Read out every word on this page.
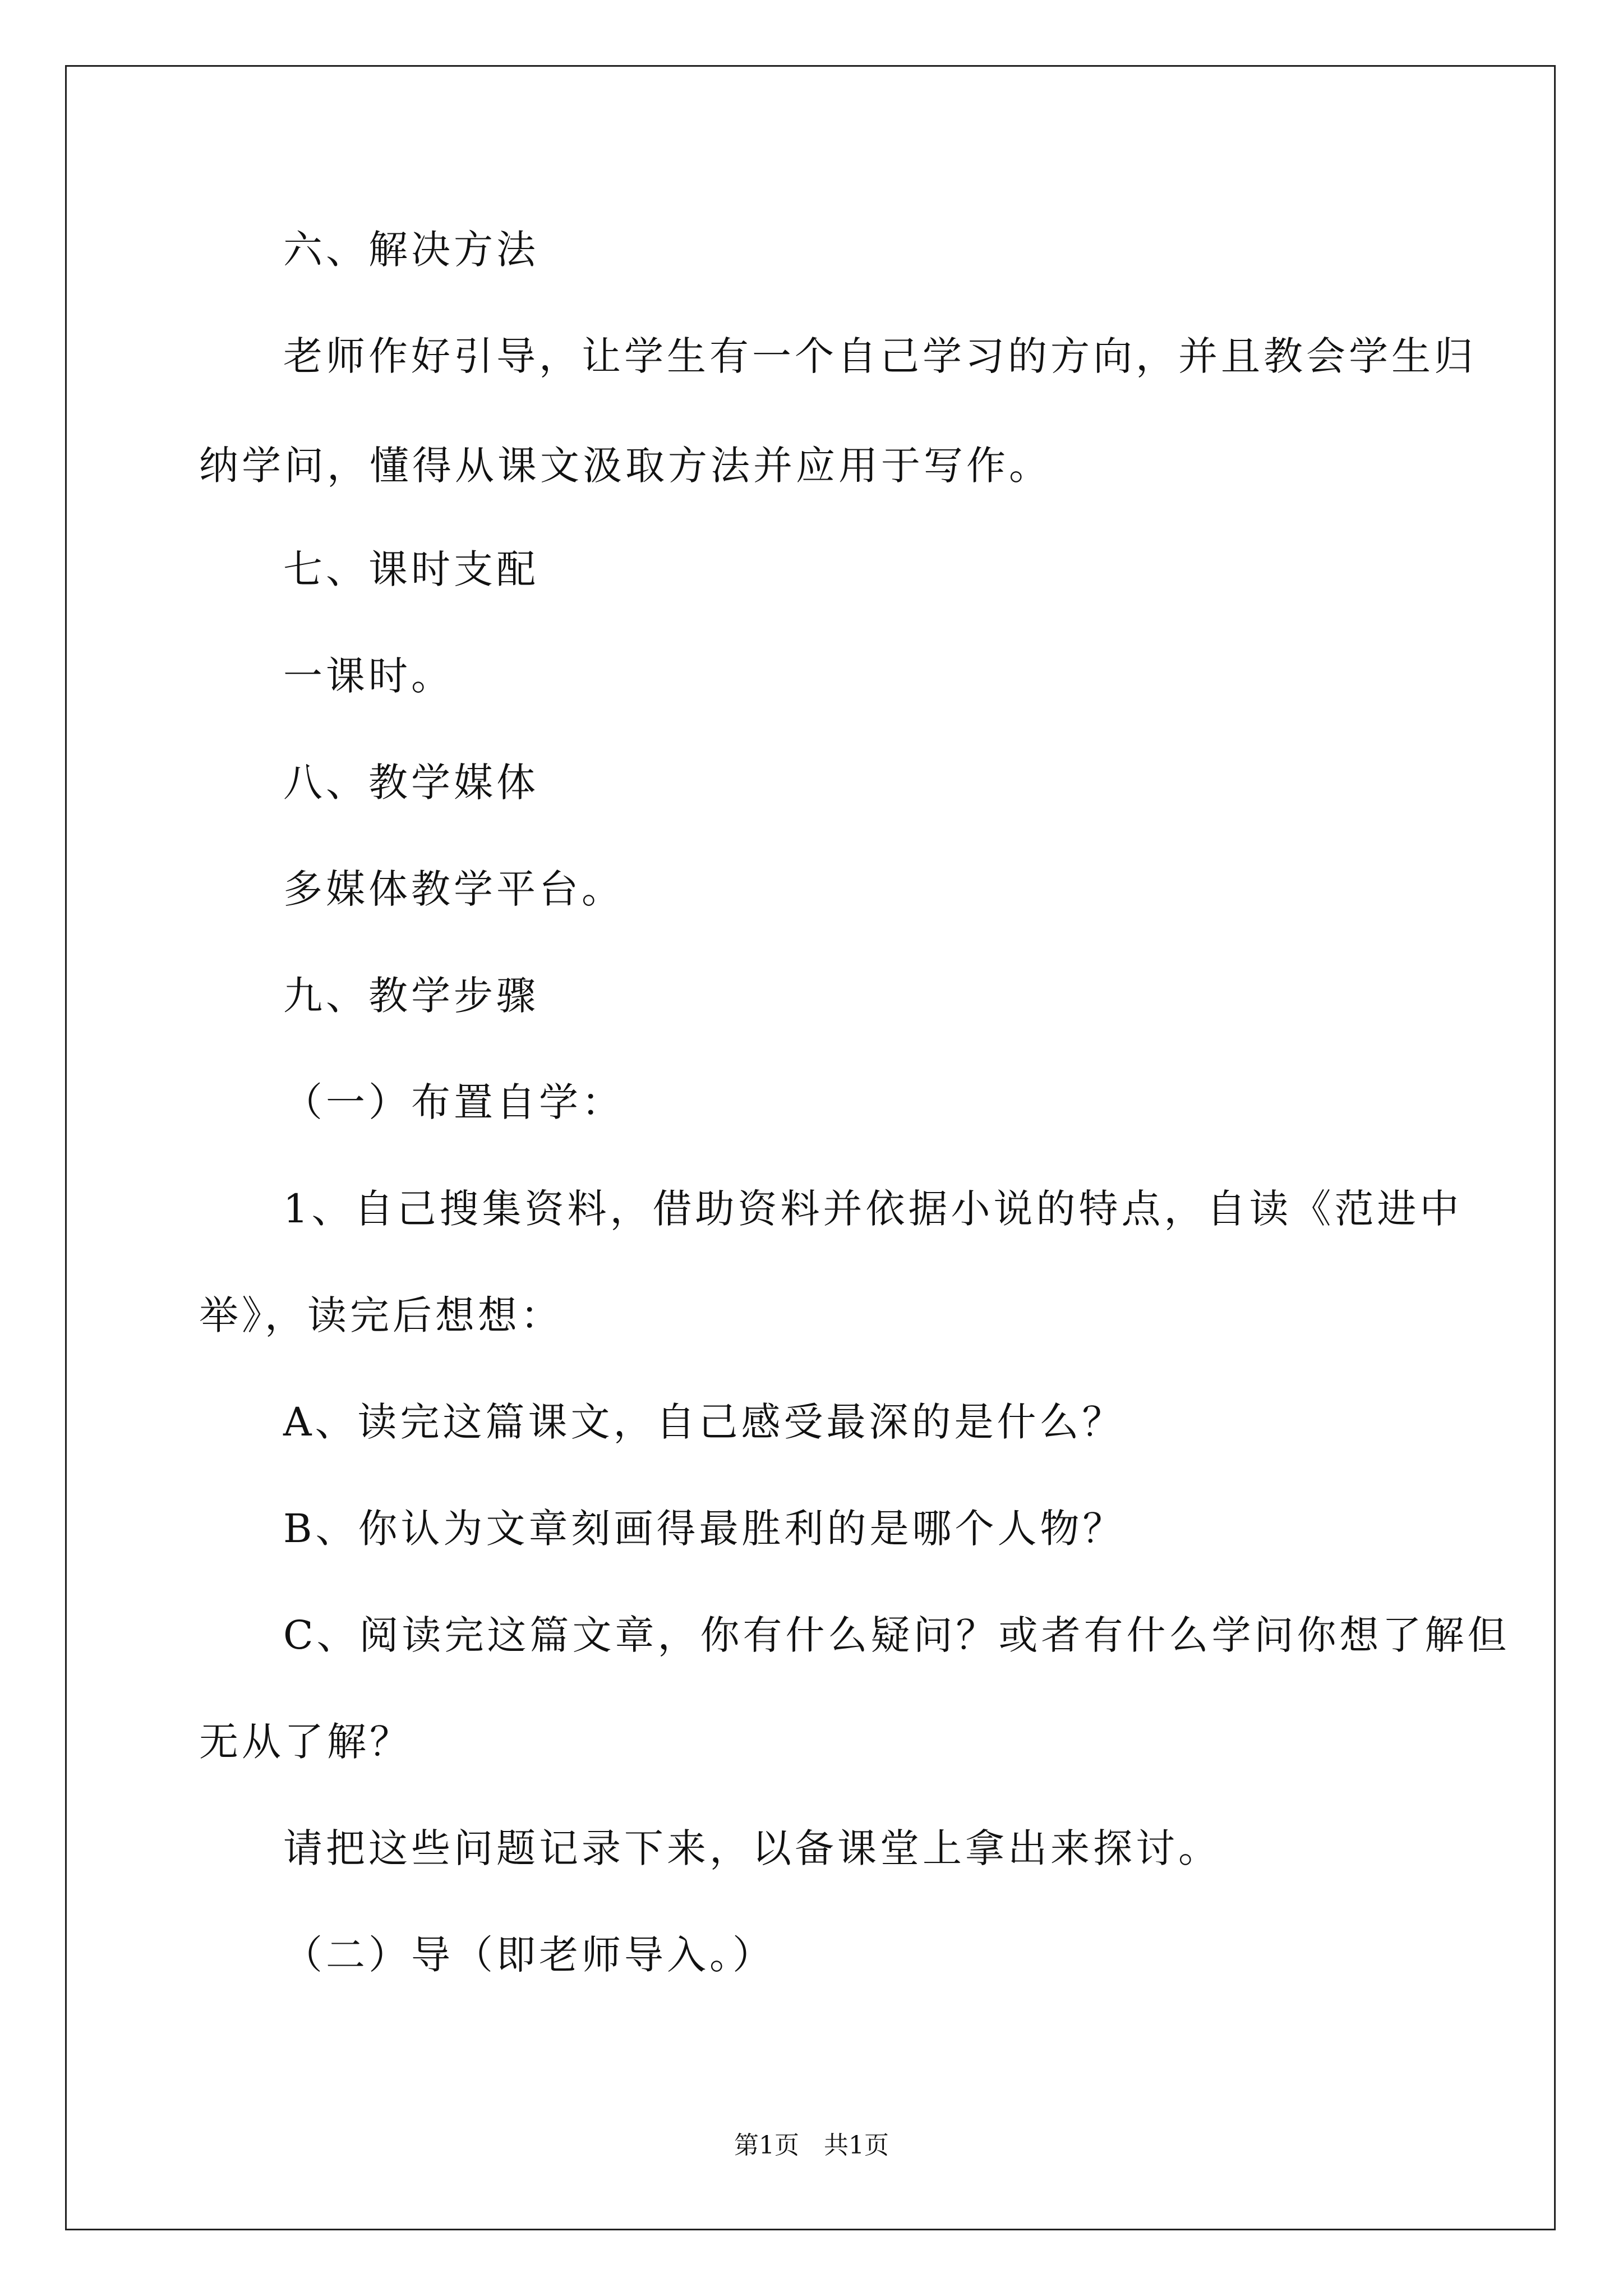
六、解决方法
老师作好引导，让学生有一个自己学习的方向，并且教会学生归
纳学问，懂得从课文汲取方法并应用于写作。
七、课时支配
一课时。
八、教学媒体
多媒体教学平台。
九、教学步骤
（一）布置自学：
1、自己搜集资料，借助资料并依据小说的特点，自读《范进中
举》，读完后想想：
A、读完这篇课文，自己感受最深的是什么？
B、你认为文章刻画得最胜利的是哪个人物？
C、阅读完这篇文章，你有什么疑问？或者有什么学问你想了解但
无从了解？
请把这些问题记录下来，以备课堂上拿出来探讨。
（二）导（即老师导入。）
第1页　共1页
